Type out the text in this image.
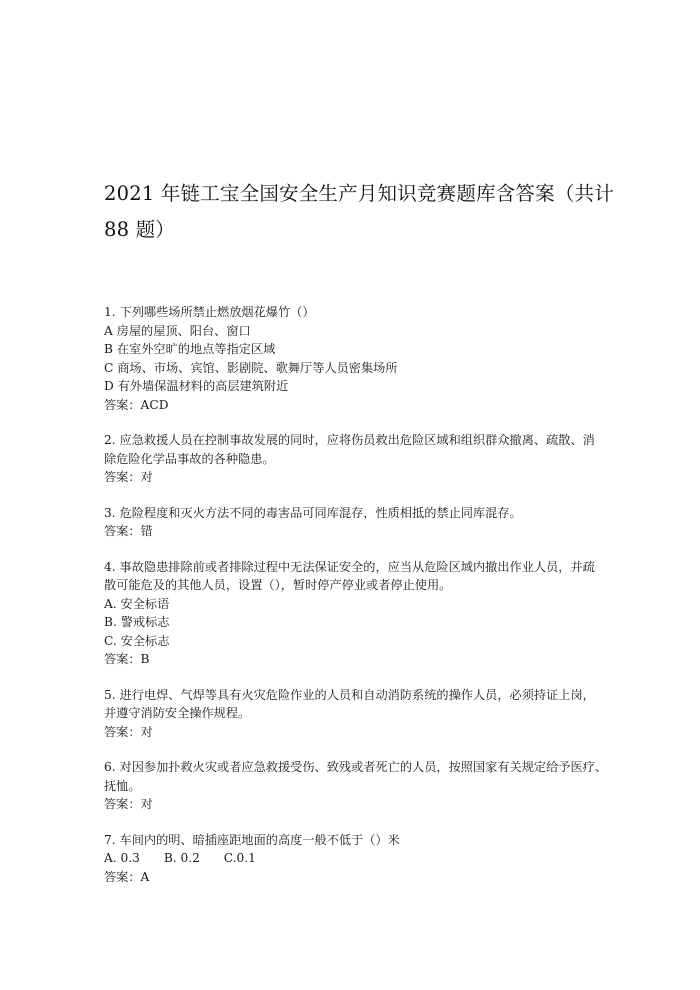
2021 年链工宝全国安全生产月知识竞赛题库含答案（共计
88 题）
1. 下列哪些场所禁止燃放烟花爆竹（）
A 房屋的屋顶、阳台、窗口
B 在室外空旷的地点等指定区域
C 商场、市场、宾馆、影剧院、歌舞厅等人员密集场所
D 有外墙保温材料的高层建筑附近
答案：ACD
2. 应急救援人员在控制事故发展的同时，应将伤员救出危险区域和组织群众撤离、疏散、消
除危险化学品事故的各种隐患。
答案：对
3. 危险程度和灭火方法不同的毒害品可同库混存，性质相抵的禁止同库混存。
答案：错
4. 事故隐患排除前或者排除过程中无法保证安全的，应当从危险区域内撤出作业人员，并疏
散可能危及的其他人员，设置（），暂时停产停业或者停止使用。
A. 安全标语
B. 警戒标志
C. 安全标志
答案：B
5. 进行电焊、气焊等具有火灾危险作业的人员和自动消防系统的操作人员，必须持证上岗，
并遵守消防安全操作规程。
答案：对
6. 对因参加扑救火灾或者应急救援受伤、致残或者死亡的人员，按照国家有关规定给予医疗、
抚恤。
答案：对
7. 车间内的明、暗插座距地面的高度一般不低于（）米
A. 0.3 B. 0.2 C.0.1
答案：A
